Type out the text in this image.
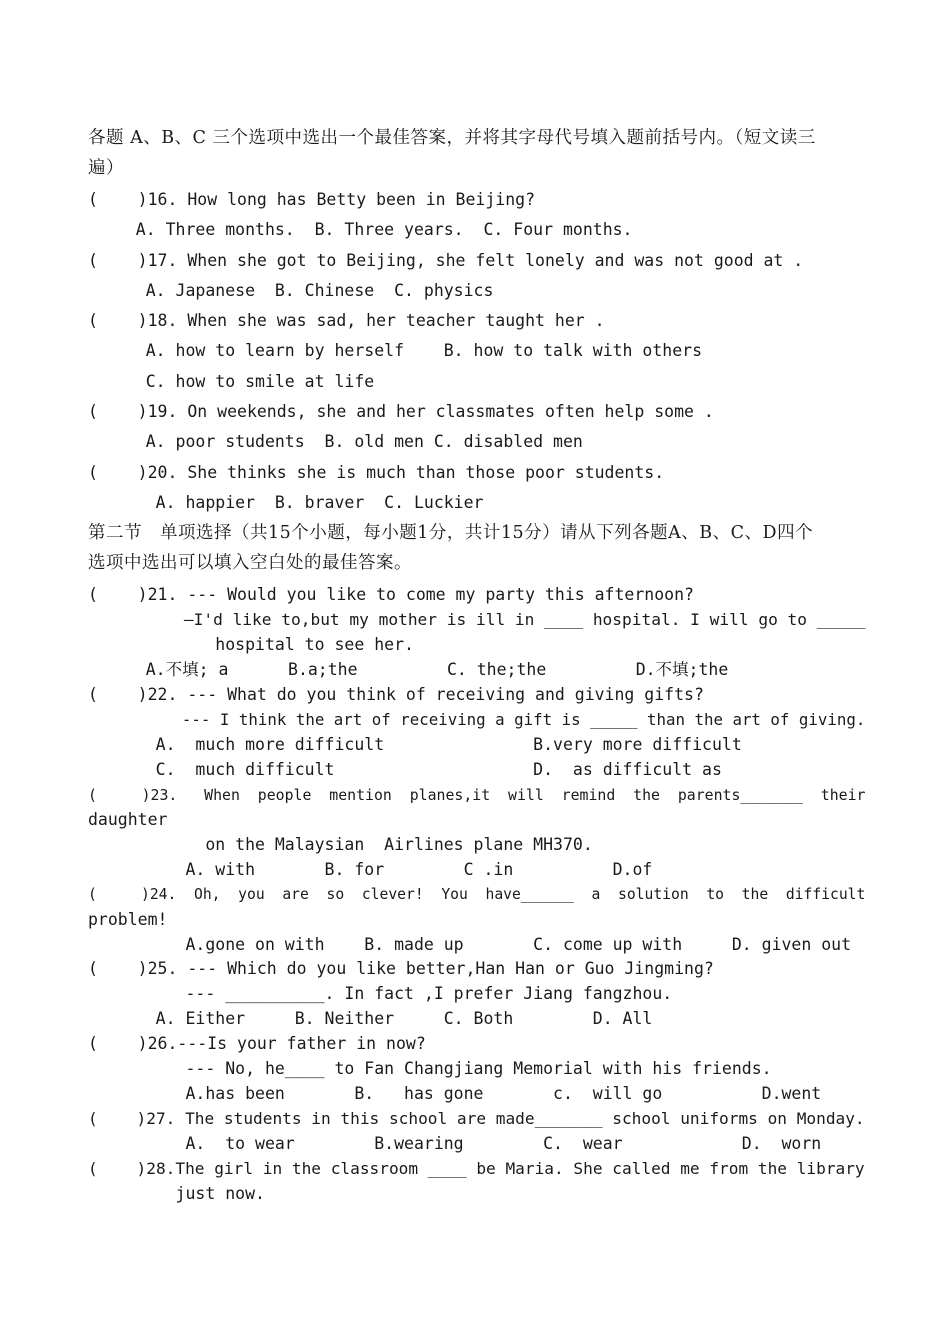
各题 A、B、C 三个选项中选出一个最佳答案，并将其字母代号填入题前括号内。（短文读三
遍）
(    )16. How long has Betty been in Beijing?
A. Three months.  B. Three years.  C. Four months.
(    )17. When she got to Beijing, she felt lonely and was not good at .
A. Japanese  B. Chinese  C. physics
(    )18. When she was sad, her teacher taught her .
A. how to learn by herself    B. how to talk with others
C. how to smile at life
(    )19. On weekends, she and her classmates often help some .
A. poor students  B. old men C. disabled men
(    )20. She thinks she is much than those poor students.
A. happier  B. braver  C. Luckier
第二节　单项选择（共15个小题，每小题1分，共计15分）请从下列各题A、B、C、D四个
选项中选出可以填入空白处的最佳答案。
(    )21. --- Would you like to come my party this afternoon?
—I'd like to,but my mother is ill in ____ hospital. I will go to _____
hospital to see her.
A.不填; a      B.a;the         C. the;the         D.不填;the
(    )22. --- What do you think of receiving and giving gifts?
--- I think the art of receiving a gift is _____ than the art of giving.
A.  much more difficult               B.very more difficult
C.  much difficult                    D.  as difficult as
(     )23.   When  people  mention  planes,it  will  remind  the  parents_______  their
daughter
on the Malaysian  Airlines plane MH370.
A. with       B. for        C .in          D.of
(     )24.  Oh,  you  are  so  clever!  You  have______  a  solution  to  the  difficult
problem!
A.gone on with    B. made up       C. come up with     D. given out
(    )25. --- Which do you like better,Han Han or Guo Jingming?
--- __________. In fact ,I prefer Jiang fangzhou.
A. Either     B. Neither     C. Both        D. All
(    )26.---Is your father in now?
--- No, he____ to Fan Changjiang Memorial with his friends.
A.has been       B.   has gone       c.  will go          D.went
(    )27. The students in this school are made_______ school uniforms on Monday.
A.  to wear        B.wearing        C.  wear            D.  worn
(    )28.The girl in the classroom ____ be Maria. She called me from the library
just now.
